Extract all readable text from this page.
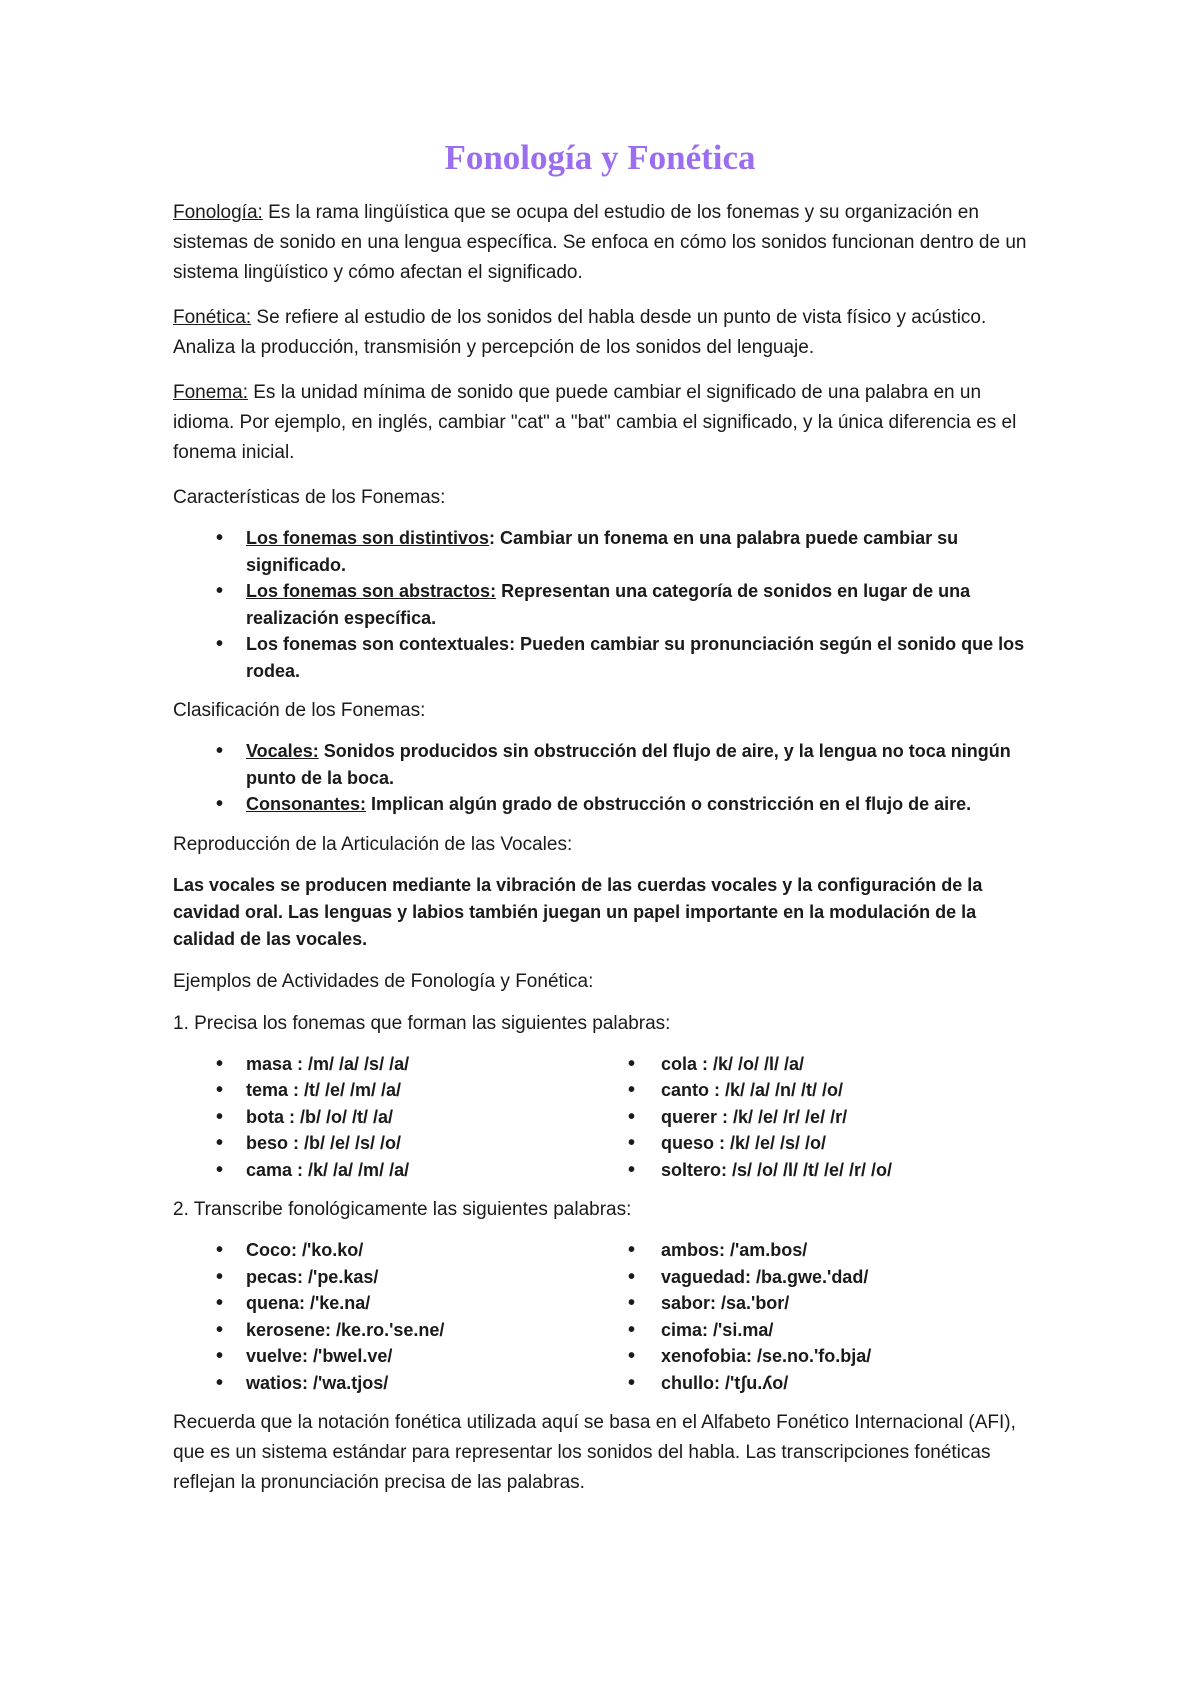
Fonología y Fonética

Fonología: Es la rama lingüística que se ocupa del estudio de los fonemas y su organización en sistemas de sonido en una lengua específica. Se enfoca en cómo los sonidos funcionan dentro de un sistema lingüístico y cómo afectan el significado.

Fonética: Se refiere al estudio de los sonidos del habla desde un punto de vista físico y acústico. Analiza la producción, transmisión y percepción de los sonidos del lenguaje.

Fonema: Es la unidad mínima de sonido que puede cambiar el significado de una palabra en un idioma. Por ejemplo, en inglés, cambiar "cat" a "bat" cambia el significado, y la única diferencia es el fonema inicial.

Características de los Fonemas:

• Los fonemas son distintivos: Cambiar un fonema en una palabra puede cambiar su significado.
• Los fonemas son abstractos: Representan una categoría de sonidos en lugar de una realización específica.
• Los fonemas son contextuales: Pueden cambiar su pronunciación según el sonido que los rodea.

Clasificación de los Fonemas:

• Vocales: Sonidos producidos sin obstrucción del flujo de aire, y la lengua no toca ningún punto de la boca.
• Consonantes: Implican algún grado de obstrucción o constricción en el flujo de aire.

Reproducción de la Articulación de las Vocales:

Las vocales se producen mediante la vibración de las cuerdas vocales y la configuración de la cavidad oral. Las lenguas y labios también juegan un papel importante en la modulación de la calidad de las vocales.

Ejemplos de Actividades de Fonología y Fonética:

1. Precisa los fonemas que forman las siguientes palabras:

• masa : /m/ /a/ /s/ /a/
• tema : /t/ /e/ /m/ /a/
• bota : /b/ /o/ /t/ /a/
• beso : /b/ /e/ /s/ /o/
• cama : /k/ /a/ /m/ /a/
• cola : /k/ /o/ /l/ /a/
• canto : /k/ /a/ /n/ /t/ /o/
• querer : /k/ /e/ /r/ /e/ /r/
• queso : /k/ /e/ /s/ /o/
• soltero: /s/ /o/ /l/ /t/ /e/ /r/ /o/

2. Transcribe fonológicamente las siguientes palabras:

• Coco: /'ko.ko/
• pecas: /'pe.kas/
• quena: /'ke.na/
• kerosene: /ke.ro.'se.ne/
• vuelve: /'bwel.ve/
• watios: /'wa.tjos/
• ambos: /'am.bos/
• vaguedad: /ba.gwe.'dad/
• sabor: /sa.'bor/
• cima: /'si.ma/
• xenofobia: /se.no.'fo.bja/
• chullo: /'tʃu.ʎo/

Recuerda que la notación fonética utilizada aquí se basa en el Alfabeto Fonético Internacional (AFI), que es un sistema estándar para representar los sonidos del habla. Las transcripciones fonéticas reflejan la pronunciación precisa de las palabras.
